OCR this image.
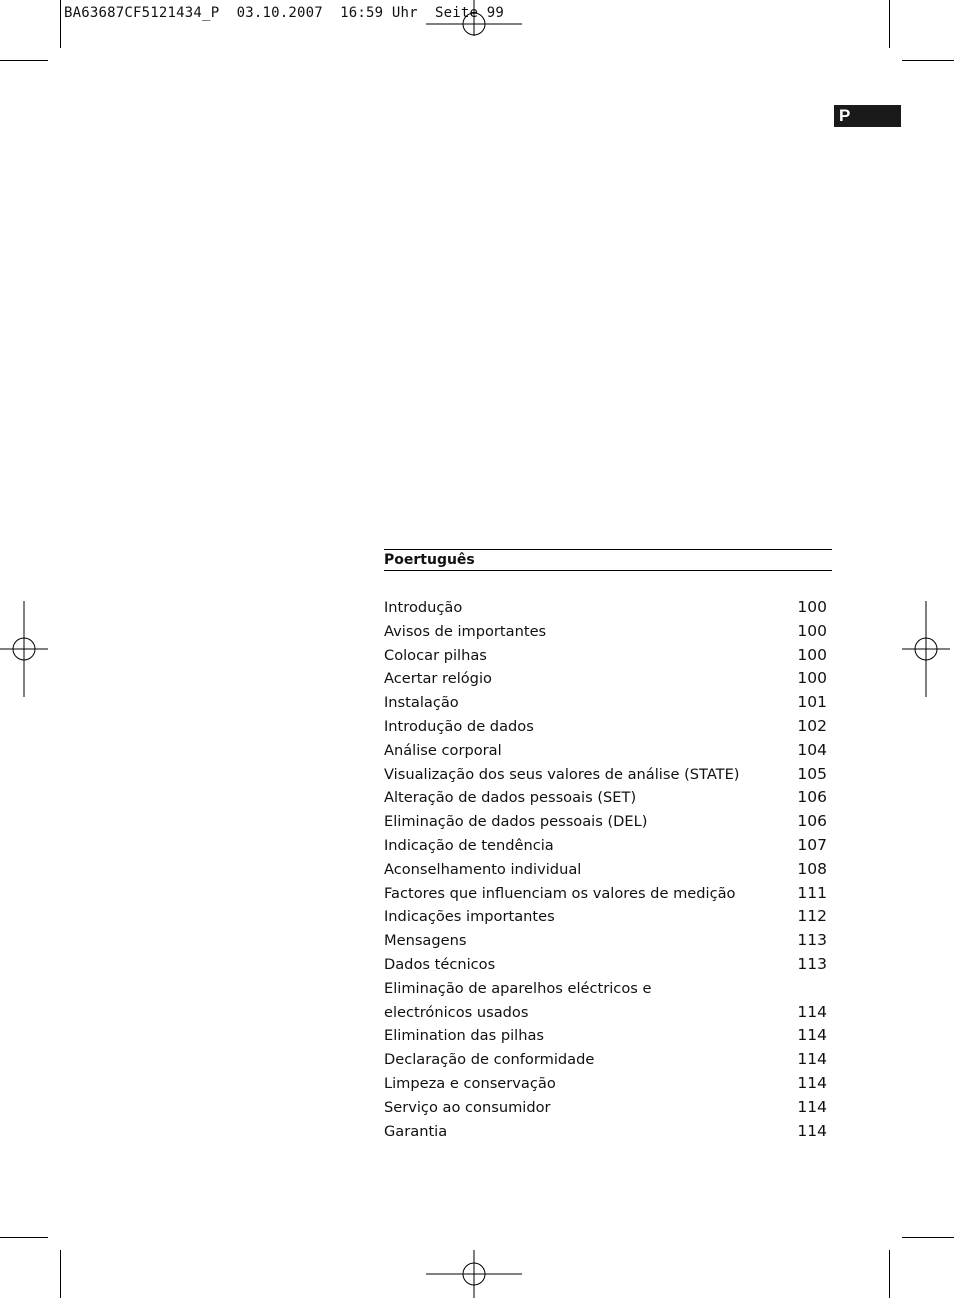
BA63687CF5121434_P  03.10.2007  16:59 Uhr  Seite 99
P
Poertuguês
Introdução	100
Avisos de importantes	100
Colocar pilhas	100
Acertar relógio	100
Instalação	101
Introdução de dados	102
Análise corporal	104
Visualização dos seus valores de análise (STATE)	105
Alteração de dados pessoais (SET)	106
Eliminação de dados pessoais (DEL)	106
Indicação de tendência	107
Aconselhamento individual	108
Factores que influenciam os valores de medição	111
Indicações importantes	112
Mensagens	113
Dados técnicos	113
Eliminação de aparelhos eléctricos e
electrónicos usados	114
Elimination das pilhas	114
Declaração de conformidade	114
Limpeza e conservação	114
Serviço ao consumidor	114
Garantia	114
